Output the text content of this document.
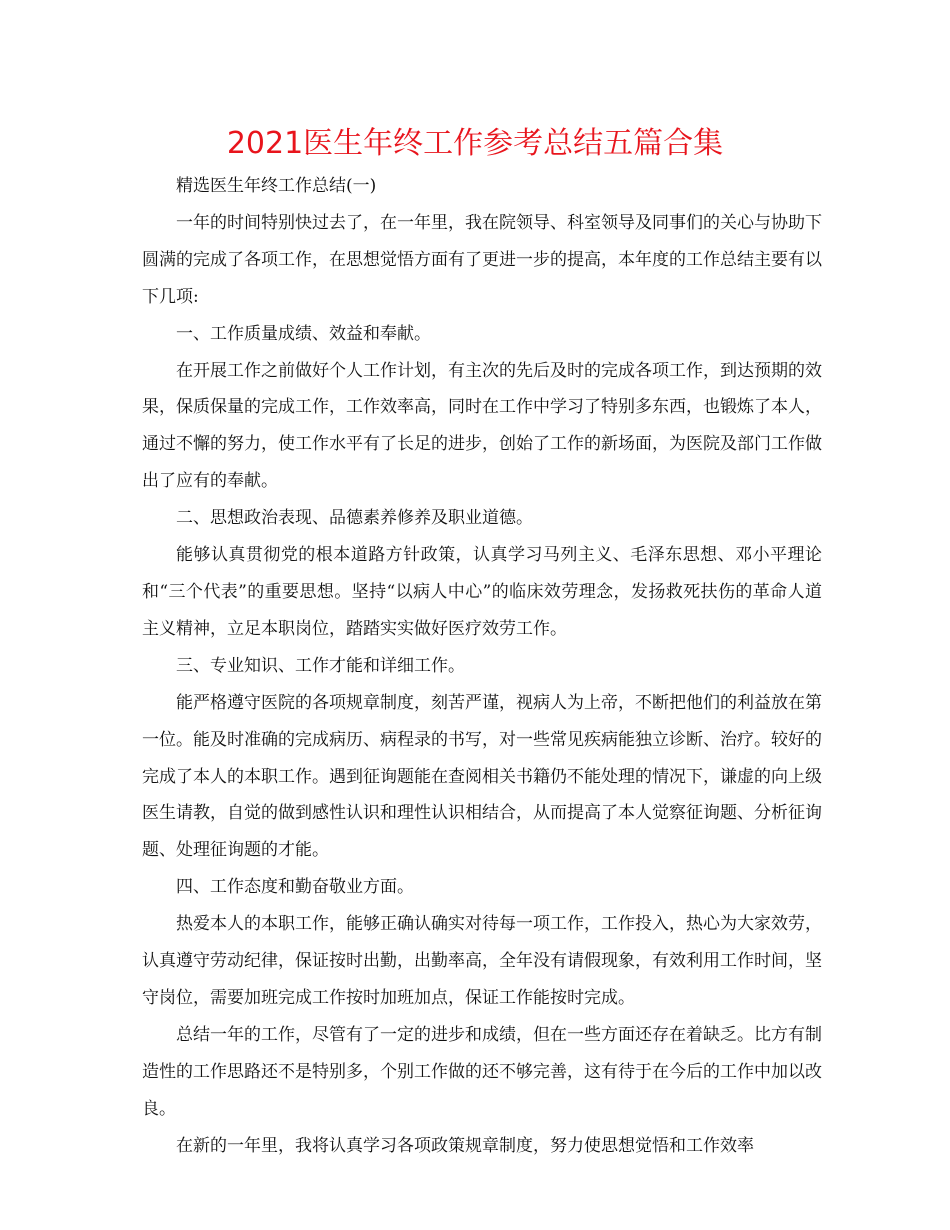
2021医生年终工作参考总结五篇合集

精选医生年终工作总结(一)

一年的时间特别快过去了，在一年里，我在院领导、科室领导及同事们的关心与协助下圆满的完成了各项工作，在思想觉悟方面有了更进一步的提高，本年度的工作总结主要有以下几项:

一、工作质量成绩、效益和奉献。

在开展工作之前做好个人工作计划，有主次的先后及时的完成各项工作，到达预期的效果，保质保量的完成工作，工作效率高，同时在工作中学习了特别多东西，也锻炼了本人，通过不懈的努力，使工作水平有了长足的进步，创始了工作的新场面，为医院及部门工作做出了应有的奉献。

二、思想政治表现、品德素养修养及职业道德。

能够认真贯彻党的根本道路方针政策，认真学习马列主义、毛泽东思想、邓小平理论和“三个代表”的重要思想。坚持“以病人中心”的临床效劳理念，发扬救死扶伤的革命人道主义精神，立足本职岗位，踏踏实实做好医疗效劳工作。

三、专业知识、工作才能和详细工作。

能严格遵守医院的各项规章制度，刻苦严谨，视病人为上帝，不断把他们的利益放在第一位。能及时准确的完成病历、病程录的书写，对一些常见疾病能独立诊断、治疗。较好的完成了本人的本职工作。遇到征询题能在查阅相关书籍仍不能处理的情况下，谦虚的向上级医生请教，自觉的做到感性认识和理性认识相结合，从而提高了本人觉察征询题、分析征询题、处理征询题的才能。

四、工作态度和勤奋敬业方面。

热爱本人的本职工作，能够正确认确实对待每一项工作，工作投入，热心为大家效劳，认真遵守劳动纪律，保证按时出勤，出勤率高，全年没有请假现象，有效利用工作时间，坚守岗位，需要加班完成工作按时加班加点，保证工作能按时完成。

总结一年的工作，尽管有了一定的进步和成绩，但在一些方面还存在着缺乏。比方有制造性的工作思路还不是特别多，个别工作做的还不够完善，这有待于在今后的工作中加以改良。

在新的一年里，我将认真学习各项政策规章制度，努力使思想觉悟和工作效率
